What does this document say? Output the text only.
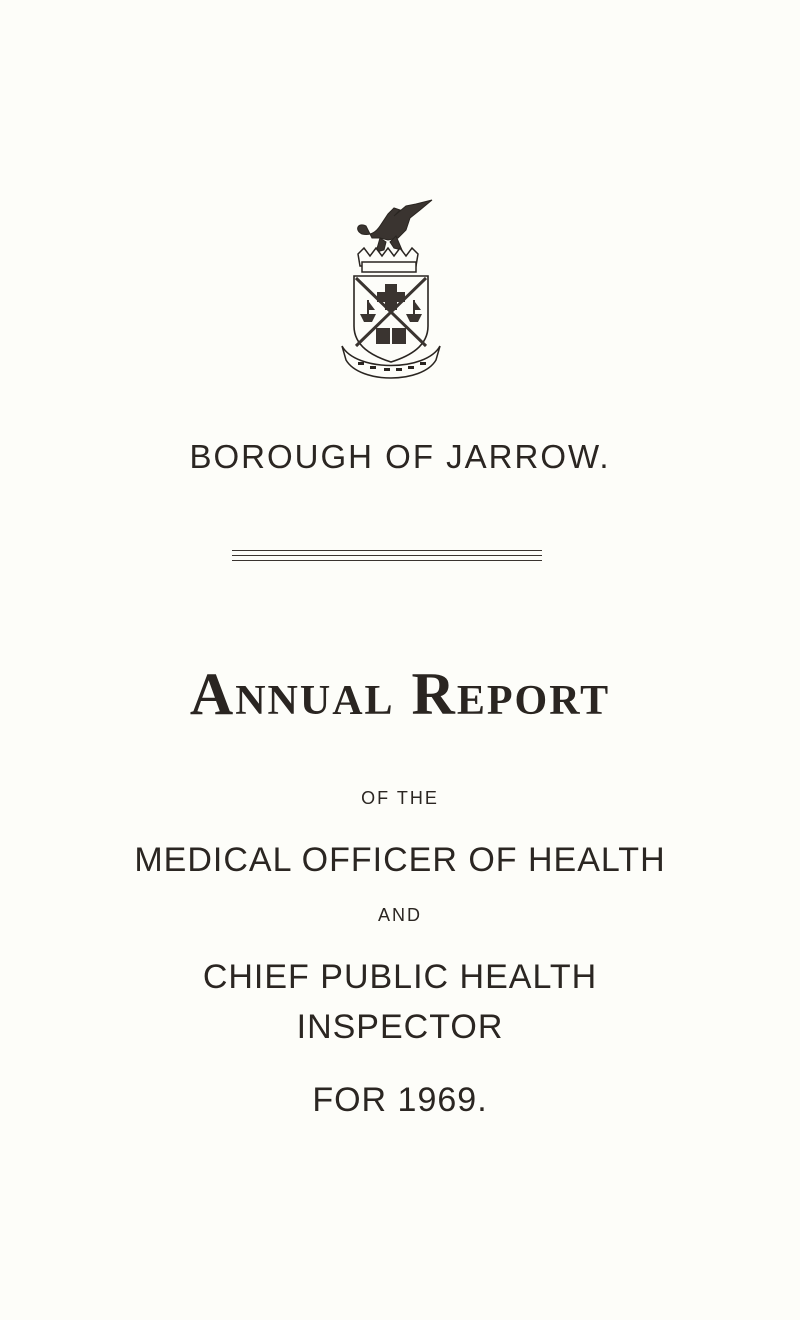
BOROUGH OF JARROW.
Annual Report
OF THE
MEDICAL OFFICER OF HEALTH
AND
CHIEF PUBLIC HEALTH
INSPECTOR
FOR 1969.
